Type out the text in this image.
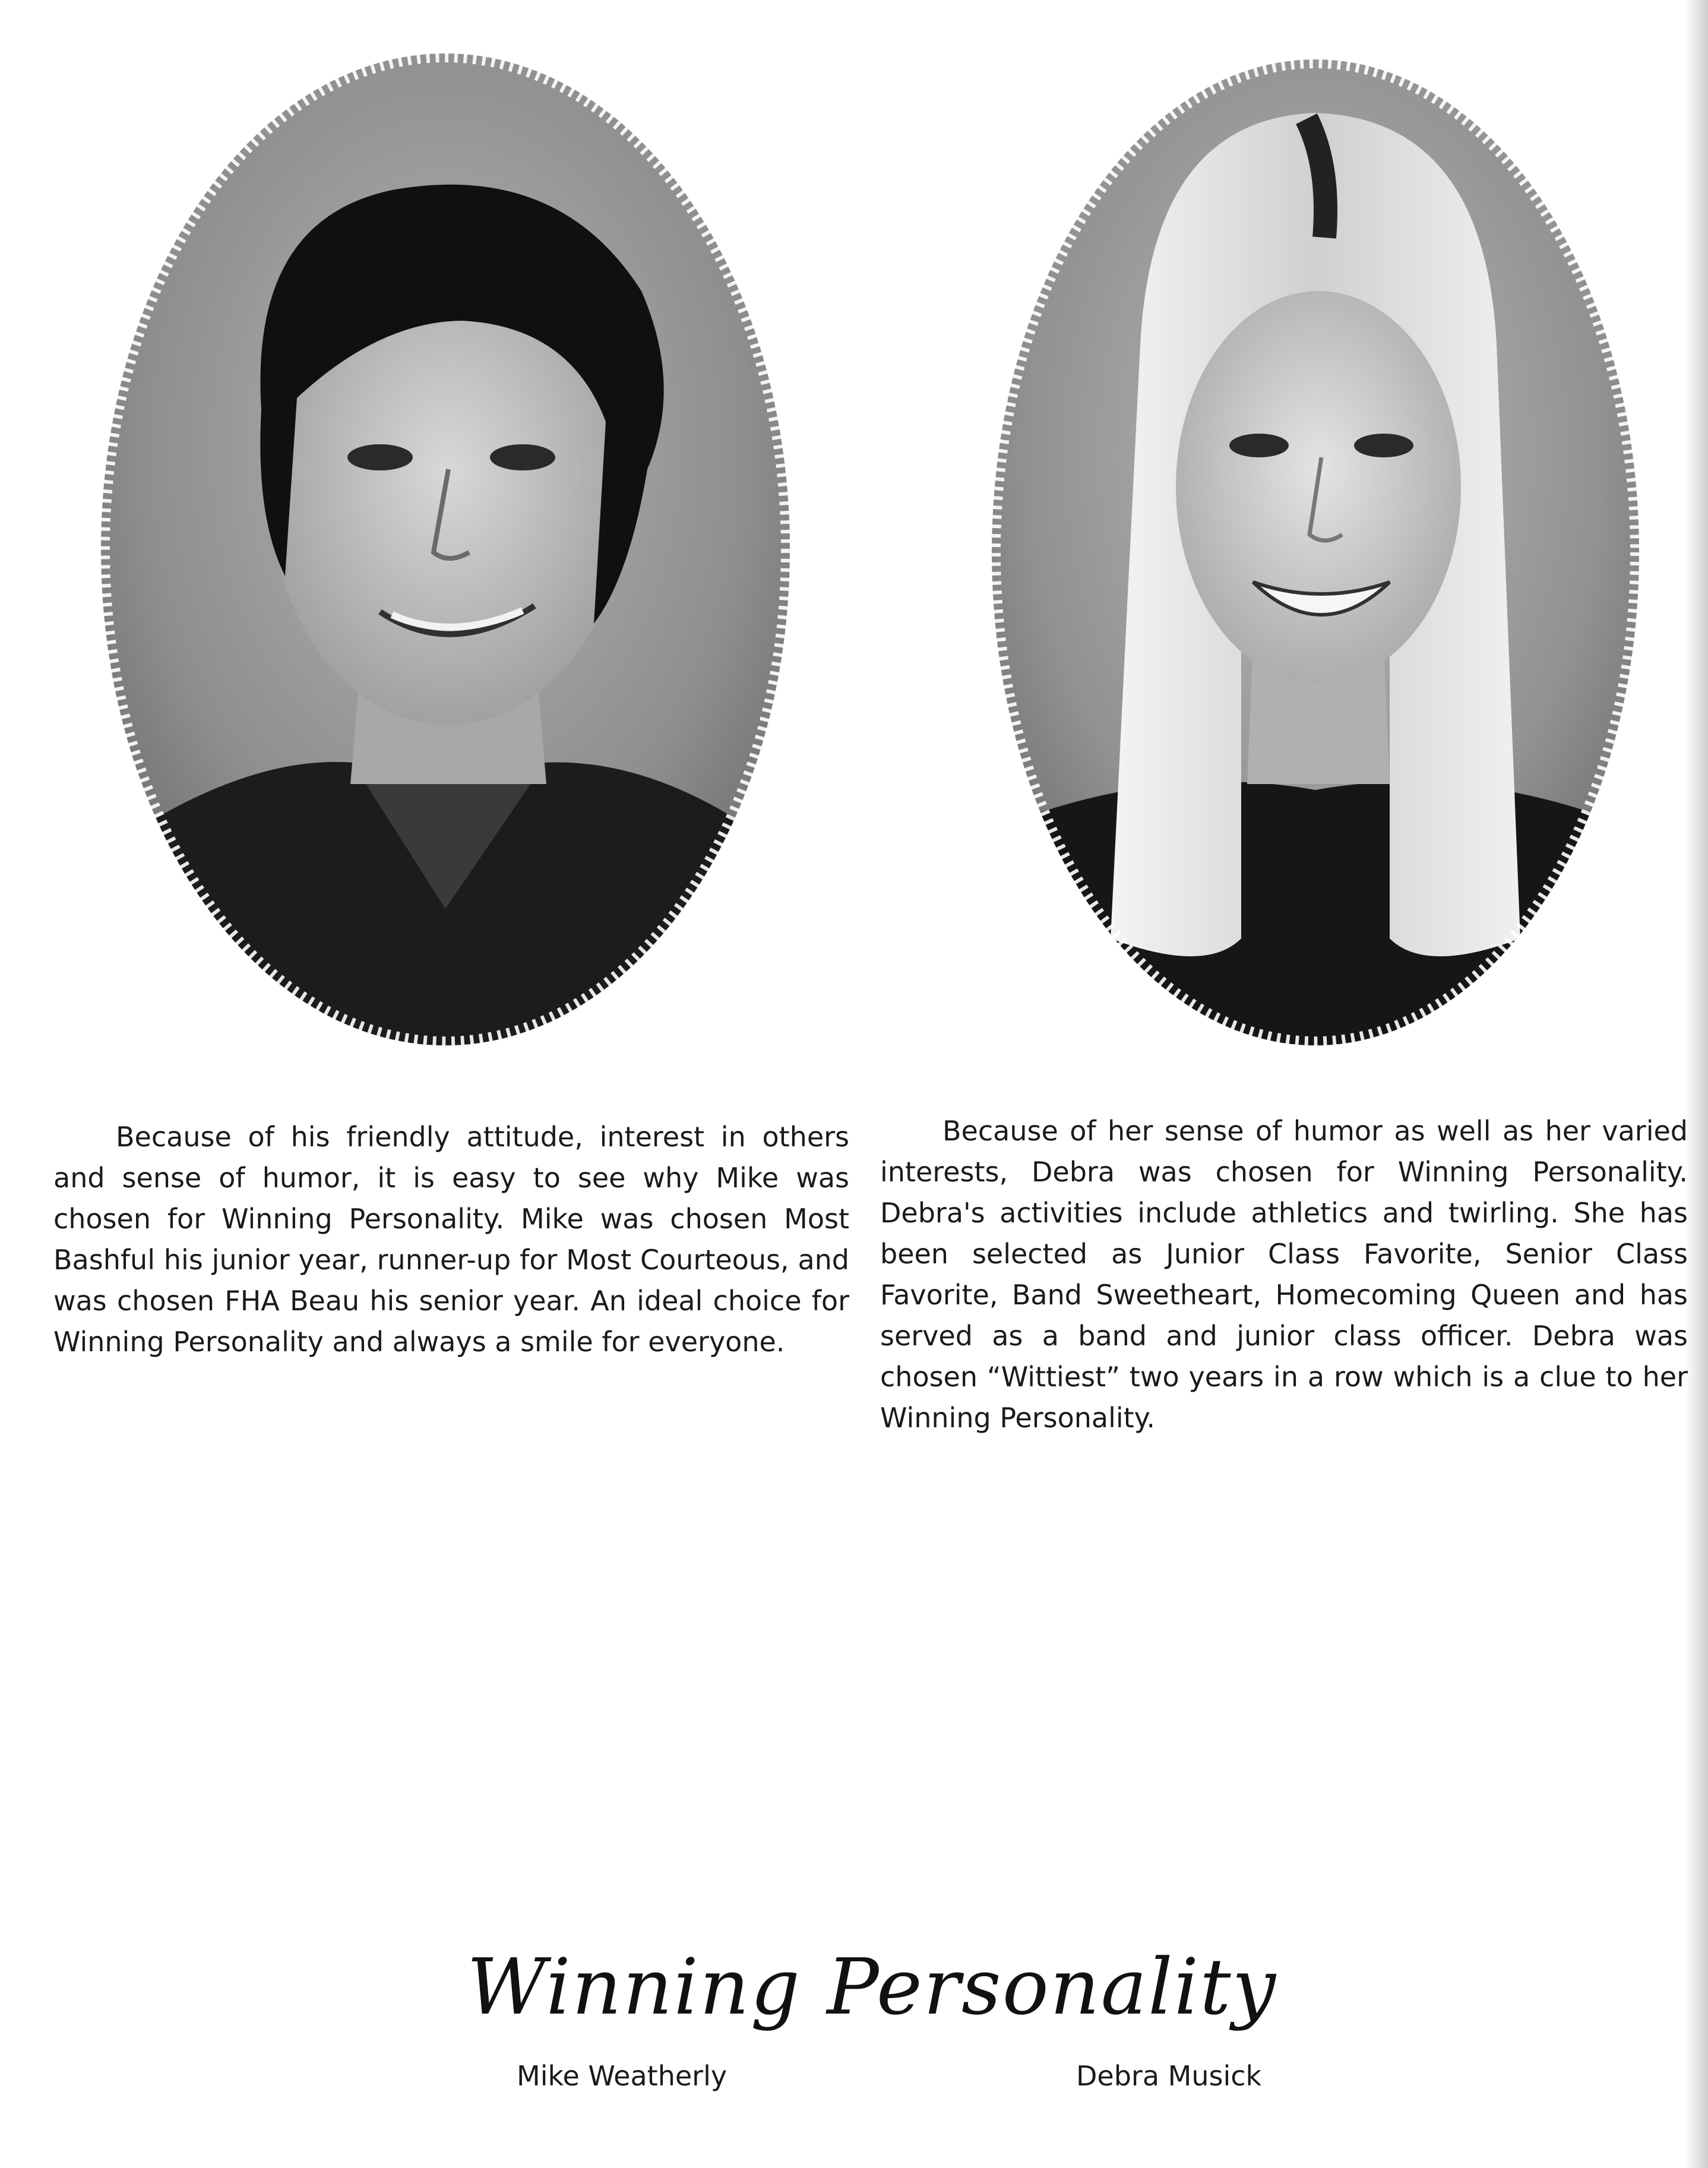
Because of his friendly attitude, interest in others and sense of humor, it is easy to see why Mike was chosen for Winning Personality. Mike was chosen Most Bashful his junior year, runner-up for Most Courteous, and was chosen FHA Beau his senior year. An ideal choice for Winning Personality and always a smile for everyone.

Because of her sense of humor as well as her varied interests, Debra was chosen for Winning Personality. Debra's activities include athletics and twirling. She has been selected as Junior Class Favorite, Senior Class Favorite, Band Sweetheart, Homecoming Queen and has served as a band and junior class officer. Debra was chosen “Wittiest” two years in a row which is a clue to her Winning Personality.

Winning Personality
Mike Weatherly	Debra Musick
